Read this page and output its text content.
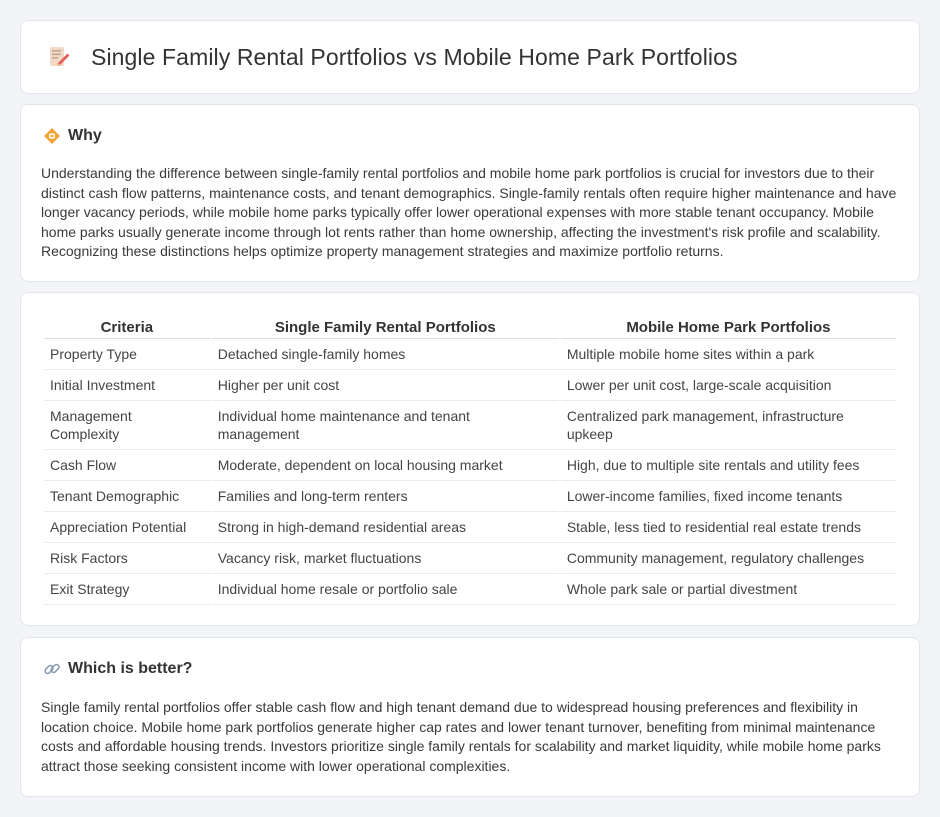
Single Family Rental Portfolios vs Mobile Home Park Portfolios
Why

Understanding the difference between single-family rental portfolios and mobile home park portfolios is crucial for investors due to their distinct cash flow patterns, maintenance costs, and tenant demographics. Single-family rentals often require higher maintenance and have longer vacancy periods, while mobile home parks typically offer lower operational expenses with more stable tenant occupancy. Mobile home parks usually generate income through lot rents rather than home ownership, affecting the investment's risk profile and scalability. Recognizing these distinctions helps optimize property management strategies and maximize portfolio returns.

Criteria	Single Family Rental Portfolios	Mobile Home Park Portfolios
Property Type	Detached single-family homes	Multiple mobile home sites within a park
Initial Investment	Higher per unit cost	Lower per unit cost, large-scale acquisition
Management Complexity	Individual home maintenance and tenant management	Centralized park management, infrastructure upkeep
Cash Flow	Moderate, dependent on local housing market	High, due to multiple site rentals and utility fees
Tenant Demographic	Families and long-term renters	Lower-income families, fixed income tenants
Appreciation Potential	Strong in high-demand residential areas	Stable, less tied to residential real estate trends
Risk Factors	Vacancy risk, market fluctuations	Community management, regulatory challenges
Exit Strategy	Individual home resale or portfolio sale	Whole park sale or partial divestment
Which is better?

Single family rental portfolios offer stable cash flow and high tenant demand due to widespread housing preferences and flexibility in location choice. Mobile home park portfolios generate higher cap rates and lower tenant turnover, benefiting from minimal maintenance costs and affordable housing trends. Investors prioritize single family rentals for scalability and market liquidity, while mobile home parks attract those seeking consistent income with lower operational complexities.
